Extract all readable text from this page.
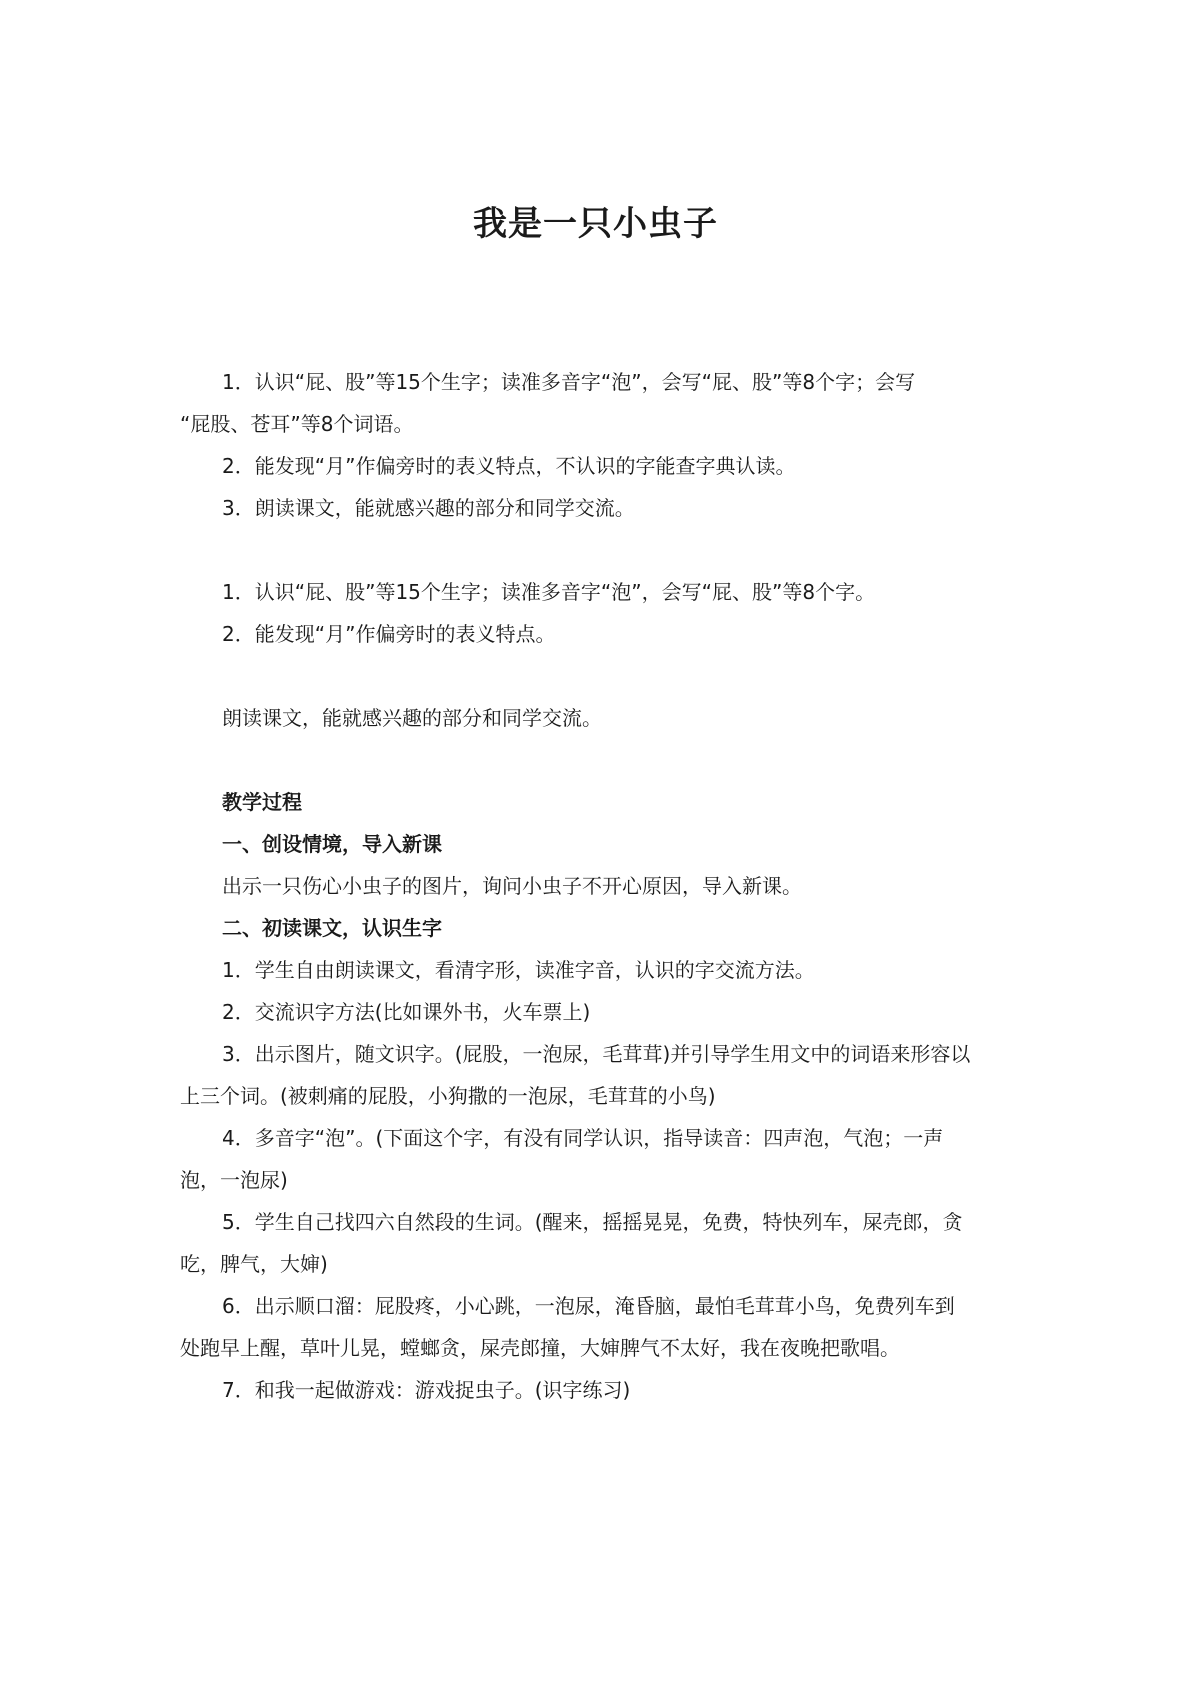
我是一只小虫子
1．认识“屁、股”等15个生字；读准多音字“泡”，会写“屁、股”等8个字；会写
“屁股、苍耳”等8个词语。
2．能发现“月”作偏旁时的表义特点，不认识的字能查字典认读。
3．朗读课文，能就感兴趣的部分和同学交流。
1．认识“屁、股”等15个生字；读准多音字“泡”，会写“屁、股”等8个字。
2．能发现“月”作偏旁时的表义特点。
朗读课文，能就感兴趣的部分和同学交流。
教学过程
一、创设情境，导入新课
出示一只伤心小虫子的图片，询问小虫子不开心原因，导入新课。
二、初读课文，认识生字
1．学生自由朗读课文，看清字形，读准字音，认识的字交流方法。
2．交流识字方法(比如课外书，火车票上)
3．出示图片，随文识字。(屁股，一泡尿，毛茸茸)并引导学生用文中的词语来形容以
上三个词。(被刺痛的屁股，小狗撒的一泡尿，毛茸茸的小鸟)
4．多音字“泡”。(下面这个字，有没有同学认识，指导读音：四声泡，气泡；一声
泡，一泡尿)
5．学生自己找四六自然段的生词。(醒来，摇摇晃晃，免费，特快列车，屎壳郎，贪
吃，脾气，大婶)
6．出示顺口溜：屁股疼，小心跳，一泡尿，淹昏脑，最怕毛茸茸小鸟，免费列车到
处跑早上醒，草叶儿晃，螳螂贪，屎壳郎撞，大婶脾气不太好，我在夜晚把歌唱。
7．和我一起做游戏：游戏捉虫子。(识字练习)
